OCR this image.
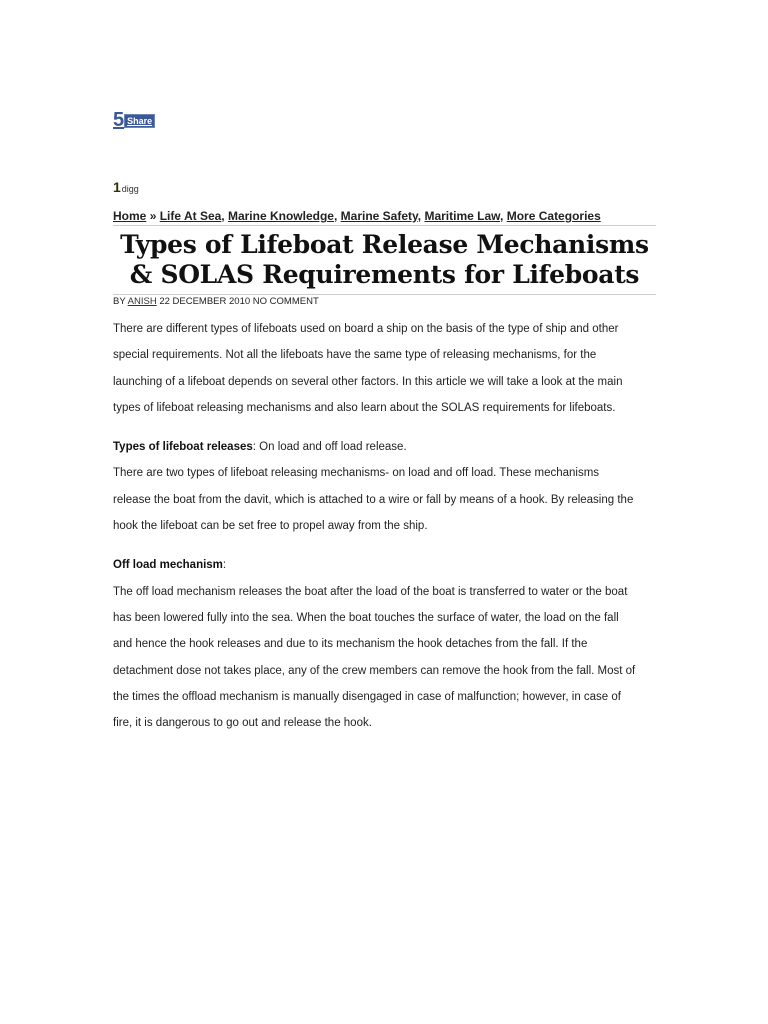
5 Share
1 digg
Home » Life At Sea, Marine Knowledge, Marine Safety, Maritime Law, More Categories
Types of Lifeboat Release Mechanisms & SOLAS Requirements for Lifeboats
BY ANISH 22 DECEMBER 2010 NO COMMENT

There are different types of lifeboats used on board a ship on the basis of the type of ship and other

special requirements. Not all the lifeboats have the same type of releasing mechanisms, for the

launching of a lifeboat depends on several other factors. In this article we will take a look at the main

types of lifeboat releasing mechanisms and also learn about the SOLAS requirements for lifeboats.

Types of lifeboat releases: On load and off load release.

There are two types of lifeboat releasing mechanisms- on load and off load. These mechanisms

release the boat from the davit, which is attached to a wire or fall by means of a hook. By releasing the

hook the lifeboat can be set free to propel away from the ship.

Off load mechanism:

The off load mechanism releases the boat after the load of the boat is transferred to water or the boat

has been lowered fully into the sea. When the boat touches the surface of water, the load on the fall

and hence the hook releases and due to its mechanism the hook detaches from the fall. If the

detachment dose not takes place, any of the crew members can remove the hook from the fall. Most of

the times the offload mechanism is manually disengaged in case of malfunction; however, in case of

fire, it is dangerous to go out and release the hook.
